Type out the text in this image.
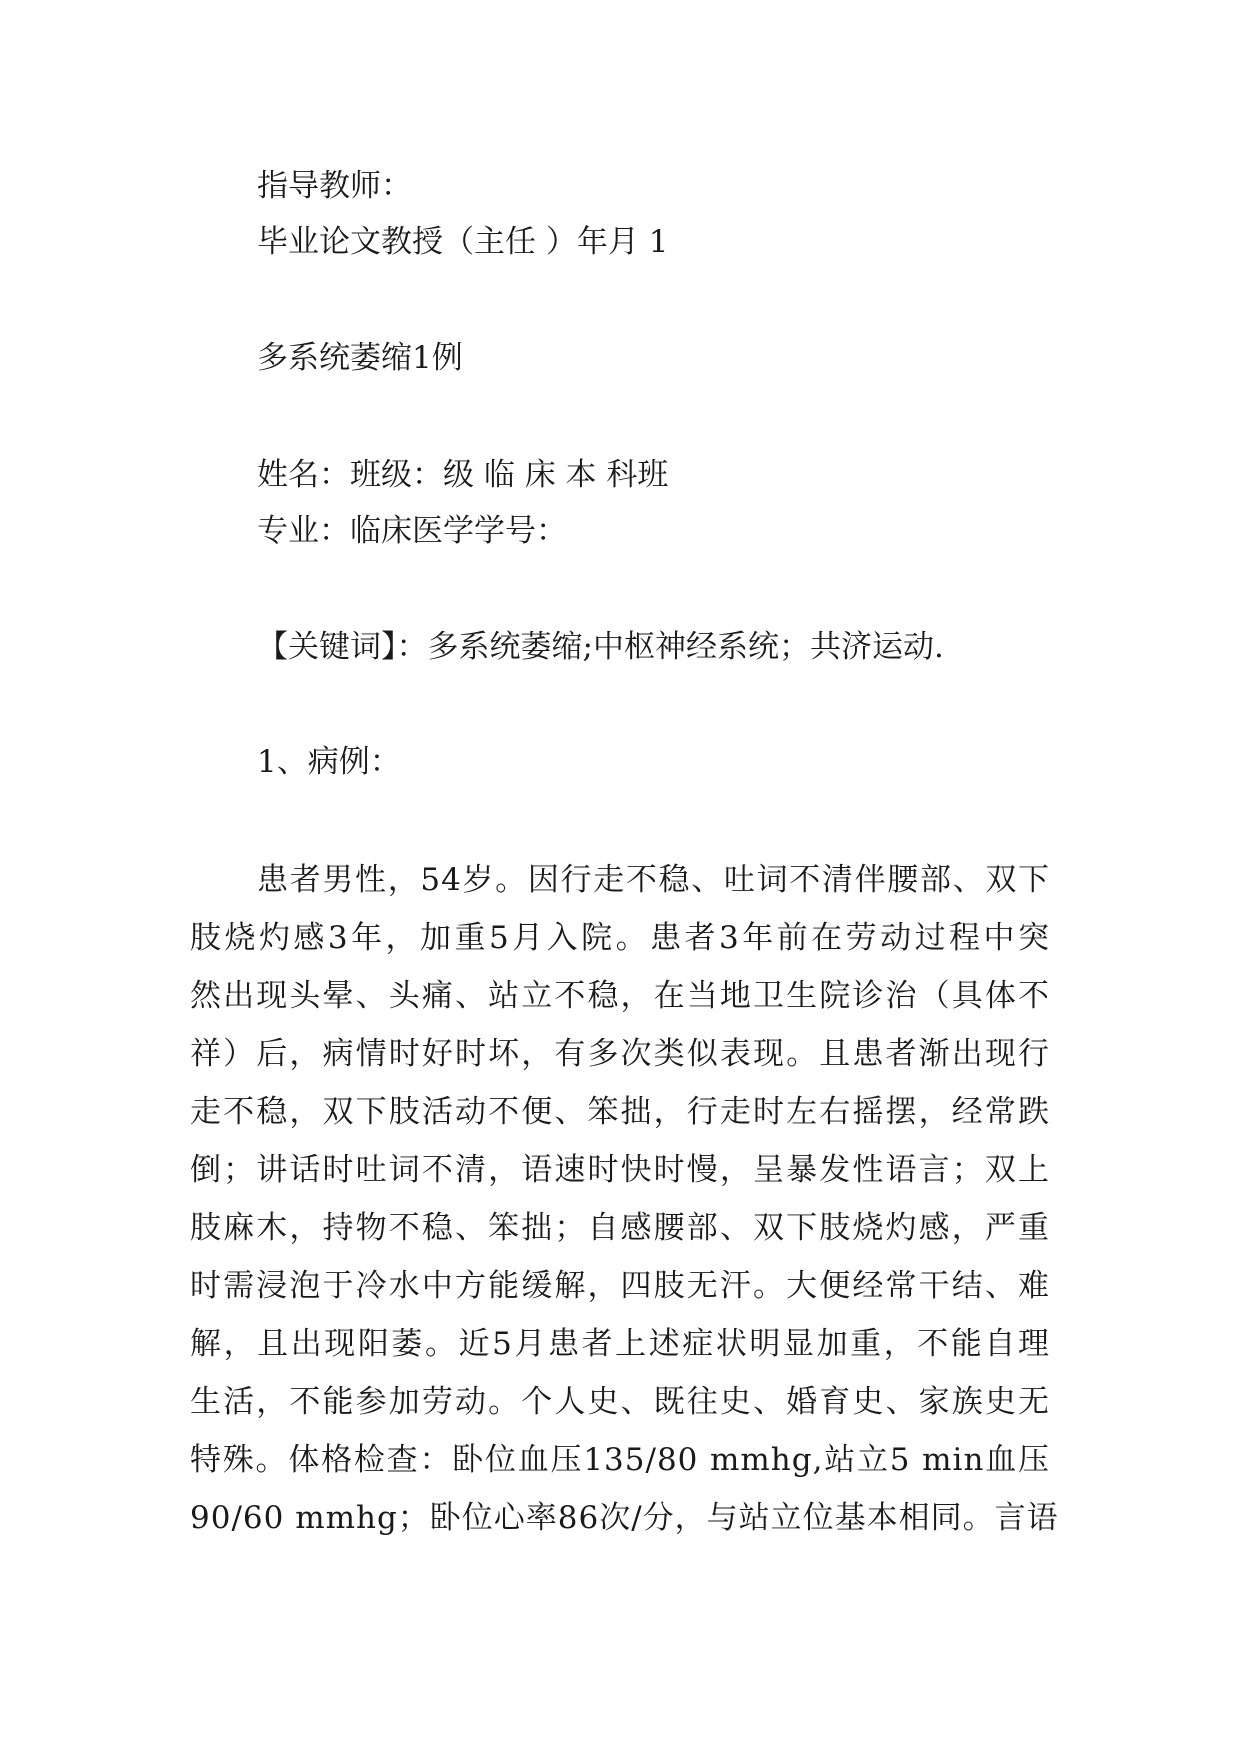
指导教师：
毕业论文教授（主任 ）年月 1
多系统萎缩1例
姓名：班级：级 临 床 本 科班
专业：临床医学学号：
【关键词】：多系统萎缩;中枢神经系统；共济运动.
1、病例：
患者男性，54岁。因行走不稳、吐词不清伴腰部、双下
肢烧灼感3年，加重5月入院。患者3年前在劳动过程中突
然出现头晕、头痛、站立不稳，在当地卫生院诊治（具体不
祥）后，病情时好时坏，有多次类似表现。且患者渐出现行
走不稳，双下肢活动不便、笨拙，行走时左右摇摆，经常跌
倒；讲话时吐词不清，语速时快时慢，呈暴发性语言；双上
肢麻木，持物不稳、笨拙；自感腰部、双下肢烧灼感，严重
时需浸泡于冷水中方能缓解，四肢无汗。大便经常干结、难
解，且出现阳萎。近5月患者上述症状明显加重，不能自理
生活，不能参加劳动。个人史、既往史、婚育史、家族史无
特殊。体格检查：卧位血压135/80 mmhg,站立5 min血压
90/60 mmhg；卧位心率86次/分，与站立位基本相同。言语
